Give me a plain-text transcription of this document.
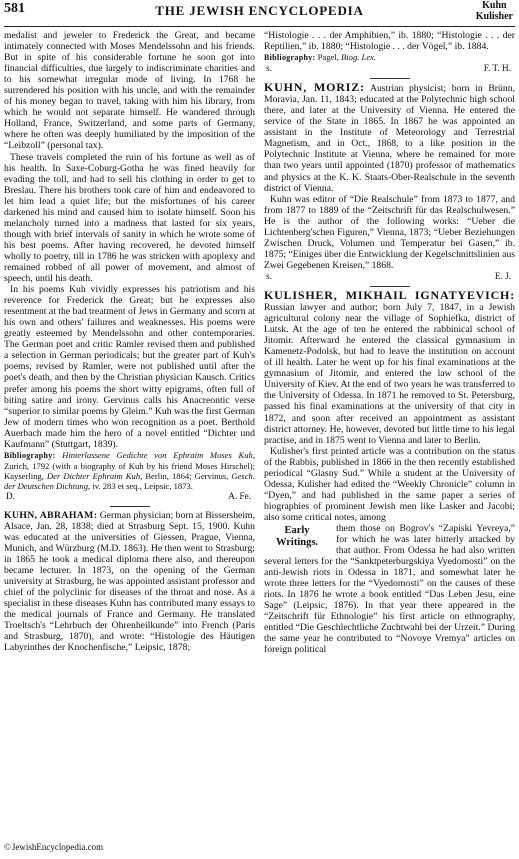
581	THE JEWISH ENCYCLOPEDIA	Kuhn
Kulisher

medalist and jeweler to Frederick the Great, and became intimately connected with Moses Mendelssohn and his friends. But in spite of his considerable fortune he soon got into financial difficulties, due largely to indiscriminate charities and to his somewhat irregular mode of living. In 1768 he surrendered his position with his uncle, and with the remainder of his money began to travel, taking with him his library, from which he would not separate himself. He wandered through Holland, France, Switzerland, and some parts of Germany, where he often was deeply humiliated by the imposition of the “Leibzoll” (personal tax).

These travels completed the ruin of his fortune as well as of his health. In Saxe-Coburg-Gotha he was fined heavily for evading the toll, and had to sell his clothing in order to get to Breslau. There his brothers took care of him and endeavored to let him lead a quiet life; but the misfortunes of his career darkened his mind and caused him to isolate himself. Soon his melancholy turned into a madness that lasted for six years, though with brief intervals of sanity in which he wrote some of his best poems. After having recovered, he devoted himself wholly to poetry, till in 1786 he was stricken with apoplexy and remained robbed of all power of movement, and almost of speech, until his death.

In his poems Kuh vividly expresses his patriotism and his reverence for Frederick the Great; but he expresses also resentment at the bad treatment of Jews in Germany and scorn at his own and others' failures and weaknesses. His poems were greatly esteemed by Mendelssohn and other contemporaries. The German poet and critic Ramler revised them and published a selection in German periodicals; but the greater part of Kuh's poems, revised by Ramler, were not published until after the poet's death, and then by the Christian physician Kausch. Critics prefer among his poems the short witty epigrams, often full of biting satire and irony. Gervinus calls his Anacreontic verse “superior to similar poems by Gleim.” Kuh was the first German Jew of modern times who won recognition as a poet. Berthold Auerbach made him the hero of a novel entitled “Dichter und Kaufmann” (Stuttgart, 1839).

Bibliography: Hinterlassene Gedichte von Ephraim Moses Kuh, Zurich, 1792 (with a biography of Kuh by his friend Moses Hirschel); Kayserling, Der Dichter Ephraim Kuh, Berlin, 1864; Gervinus, Gesch. der Deutschen Dichtung, iv. 283 et seq., Leipsic, 1873.
D.	A. Fe.

KUHN, ABRAHAM: German physician; born at Bissersheim, Alsace, Jan. 28, 1838; died at Strasburg Sept. 15, 1900. Kuhn was educated at the universities of Giessen, Prague, Vienna, Munich, and Würzburg (M.D. 1863). He then went to Strasburg; in 1865 he took a medical diploma there also, and thereupon became lecturer. In 1873, on the opening of the German university at Strasburg, he was appointed assistant professor and chief of the polyclinic for diseases of the throat and nose. As a specialist in these diseases Kuhn has contributed many essays to the medical journals of France and Germany. He translated Troeltsch's “Lehrbuch der Ohrenheilkunde” into French (Paris and Strasburg, 1870), and wrote: “Histologie des Häutigen Labyrinthes der Knochenfische,” Leipsic, 1878;

“Histologie . . . der Amphibien,” ib. 1880; “Histologie . . . der Reptilien,” ib. 1880; “Histologie . . . der Vögel,” ib. 1884.

Bibliography: Pagel, Biog. Lex.
s.	F. T. H.

KUHN, MORIZ: Austrian physicist; born in Brünn, Moravia, Jan. 11, 1843; educated at the Polytechnic high school there, and later at the University of Vienna. He entered the service of the State in 1865. In 1867 he was appointed an assistant in the Institute of Meteorology and Terrestrial Magnetism, and in Oct., 1868, to a like position in the Polytechnic Institute at Vienna, where he remained for more than two years until appointed (1870) professor of mathematics and physics at the K. K. Staats-Ober-Realschule in the seventh district of Vienna.

Kuhn was editor of “Die Realschule” from 1873 to 1877, and from 1877 to 1889 of the “Zeitschrift für das Realschulwesen.” He is the author of the following works: “Ueber die Lichtenberg'schen Figuren,” Vienna, 1873; “Ueber Beziehungen Zwischen Druck, Volumen und Temperatur bei Gasen,” ib. 1875; “Einiges über die Entwicklung der Kegelschnittslinien aus Zwei Gegebenen Kreisen,” 1868.

s.	E. J.

KULISHER, MIKHAIL IGNATYEVICH: Russian lawyer and author; born July 7, 1847, in a Jewish agricultural colony near the village of Sophiefka, district of Lutsk. At the age of ten he entered the rabbinical school of Jitomir. Afterward he entered the classical gymnasium in Kamenetz-Podolsk, but had to leave the institution on account of ill health. Later he went up for his final examinations at the gymnasium of Jitomir, and entered the law school of the University of Kiev. At the end of two years he was transferred to the University of Odessa. In 1871 he removed to St. Petersburg, passed his final examinations at the university of that city in 1872, and soon after received an appointment as assistant district attorney. He, however, devoted but little time to his legal practise, and in 1875 went to Vienna and later to Berlin.

Kulisher's first printed article was a contribution on the status of the Rabbis, published in 1866 in the then recently established periodical “Glasny Sud.” While a student at the University of Odessa, Kulisher had edited the “Weekly Chronicle” column in “Dyen,” and had published in the same paper a series of biographies of prominent Jewish men like Lasker and Jacobi; also some critical notes, among

Early Writings.
them those on Bogrov's “Zapiski Yevreya,” for which he was later bitterly attacked by that author. From Odessa he had also written several letters for the “Sanktpeterburgskiya Vyedomosti” on the anti-Jewish riots in Odessa in 1871, and somewhat later he wrote three letters for the “Vyedomosti” on the causes of these riots. In 1876 he wrote a book entitled “Das Leben Jesu, eine Sage” (Leipsic, 1876). In that year there appeared in the “Zeitschrift für Ethnologie” his first article on ethnography, entitled “Die Geschlechtliche Zuchtwahl bei der Urzeit.” During the same year he contributed to “Novoye Vremya” articles on foreign political
©JewishEncyclopedia.com
